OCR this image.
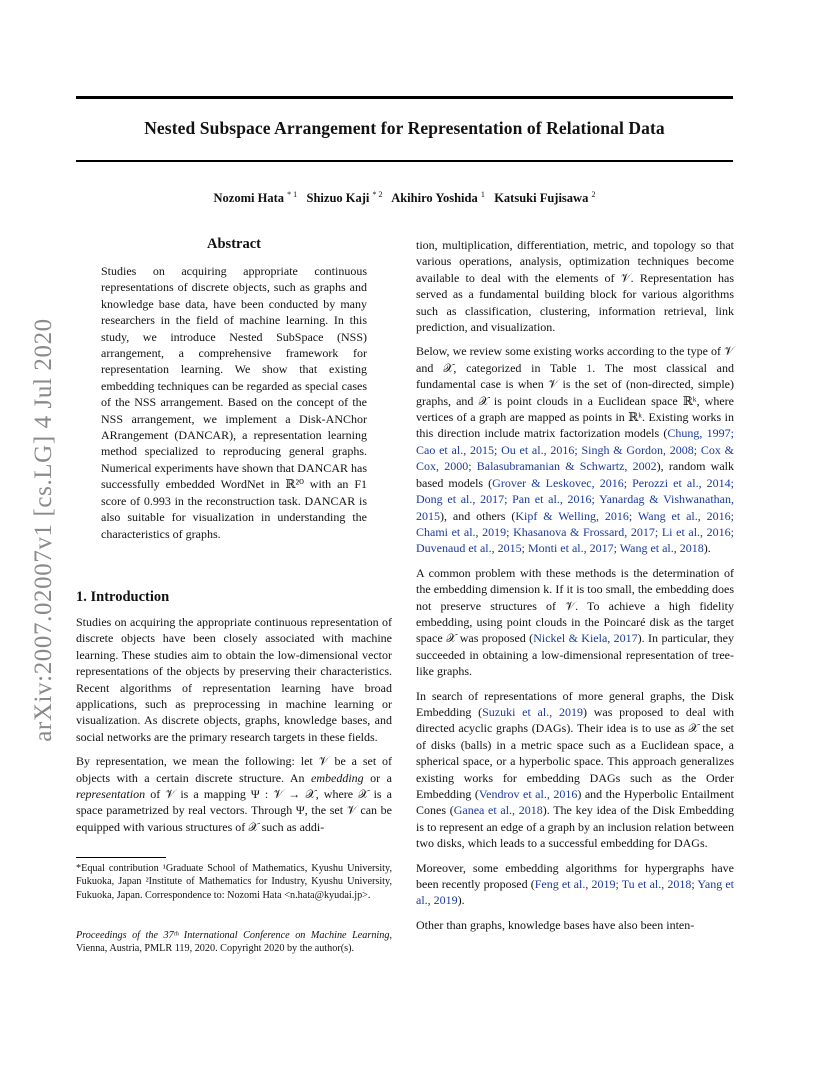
Nested Subspace Arrangement for Representation of Relational Data
Nozomi Hata $^{* 1}$ Shizuo Kaji $^{* 2}$ Akihiro Yoshida $^1$ Katsuki Fujisawa $^2$
arXiv:2007.02007v1 [cs.LG] 4 Jul 2020
Abstract
Studies on acquiring appropriate continuous representations of discrete objects, such as graphs and knowledge base data, have been conducted by many researchers in the field of machine learning. In this study, we introduce Nested SubSpace (NSS) arrangement, a comprehensive framework for representation learning. We show that existing embedding techniques can be regarded as special cases of the NSS arrangement. Based on the concept of the NSS arrangement, we implement a Disk-ANChor ARrangement (DANCAR), a representation learning method specialized to reproducing general graphs. Numerical experiments have shown that DANCAR has successfully embedded WordNet in ℝ²⁰ with an F1 score of 0.993 in the reconstruction task. DANCAR is also suitable for visualization in understanding the characteristics of graphs.
1. Introduction

Studies on acquiring the appropriate continuous representation of discrete objects have been closely associated with machine learning. These studies aim to obtain the low-dimensional vector representations of the objects by preserving their characteristics. Recent algorithms of representation learning have broad applications, such as preprocessing in machine learning or visualization. As discrete objects, graphs, knowledge bases, and social networks are the primary research targets in these fields.

By representation, we mean the following: let 𝒱 be a set of objects with a certain discrete structure. An embedding or a representation of 𝒱 is a mapping Ψ : 𝒱 → 𝒳, where 𝒳 is a space parametrized by real vectors. Through Ψ, the set 𝒱 can be equipped with various structures of 𝒳 such as addi-

*Equal contribution ¹Graduate School of Mathematics, Kyushu University, Fukuoka, Japan ²Institute of Mathematics for Industry, Kyushu University, Fukuoka, Japan. Correspondence to: Nozomi Hata <n.hata@kyudai.jp>.
Proceedings of the 37ᵗʰ International Conference on Machine Learning, Vienna, Austria, PMLR 119, 2020. Copyright 2020 by the author(s).

tion, multiplication, differentiation, metric, and topology so that various operations, analysis, optimization techniques become available to deal with the elements of 𝒱. Representation has served as a fundamental building block for various algorithms such as classification, clustering, information retrieval, link prediction, and visualization.

Below, we review some existing works according to the type of 𝒱 and 𝒳, categorized in Table 1. The most classical and fundamental case is when 𝒱 is the set of (non-directed, simple) graphs, and 𝒳 is point clouds in a Euclidean space ℝᵏ, where vertices of a graph are mapped as points in ℝᵏ. Existing works in this direction include matrix factorization models (Chung, 1997; Cao et al., 2015; Ou et al., 2016; Singh & Gordon, 2008; Cox & Cox, 2000; Balasubramanian & Schwartz, 2002), random walk based models (Grover & Leskovec, 2016; Perozzi et al., 2014; Dong et al., 2017; Pan et al., 2016; Yanardag & Vishwanathan, 2015), and others (Kipf & Welling, 2016; Wang et al., 2016; Chami et al., 2019; Khasanova & Frossard, 2017; Li et al., 2016; Duvenaud et al., 2015; Monti et al., 2017; Wang et al., 2018).

A common problem with these methods is the determination of the embedding dimension k. If it is too small, the embedding does not preserve structures of 𝒱. To achieve a high fidelity embedding, using point clouds in the Poincaré disk as the target space 𝒳 was proposed (Nickel & Kiela, 2017). In particular, they succeeded in obtaining a low-dimensional representation of tree-like graphs.

In search of representations of more general graphs, the Disk Embedding (Suzuki et al., 2019) was proposed to deal with directed acyclic graphs (DAGs). Their idea is to use as 𝒳 the set of disks (balls) in a metric space such as a Euclidean space, a spherical space, or a hyperbolic space. This approach generalizes existing works for embedding DAGs such as the Order Embedding (Vendrov et al., 2016) and the Hyperbolic Entailment Cones (Ganea et al., 2018). The key idea of the Disk Embedding is to represent an edge of a graph by an inclusion relation between two disks, which leads to a successful embedding for DAGs.

Moreover, some embedding algorithms for hypergraphs have been recently proposed (Feng et al., 2019; Tu et al., 2018; Yang et al., 2019).

Other than graphs, knowledge bases have also been inten-
